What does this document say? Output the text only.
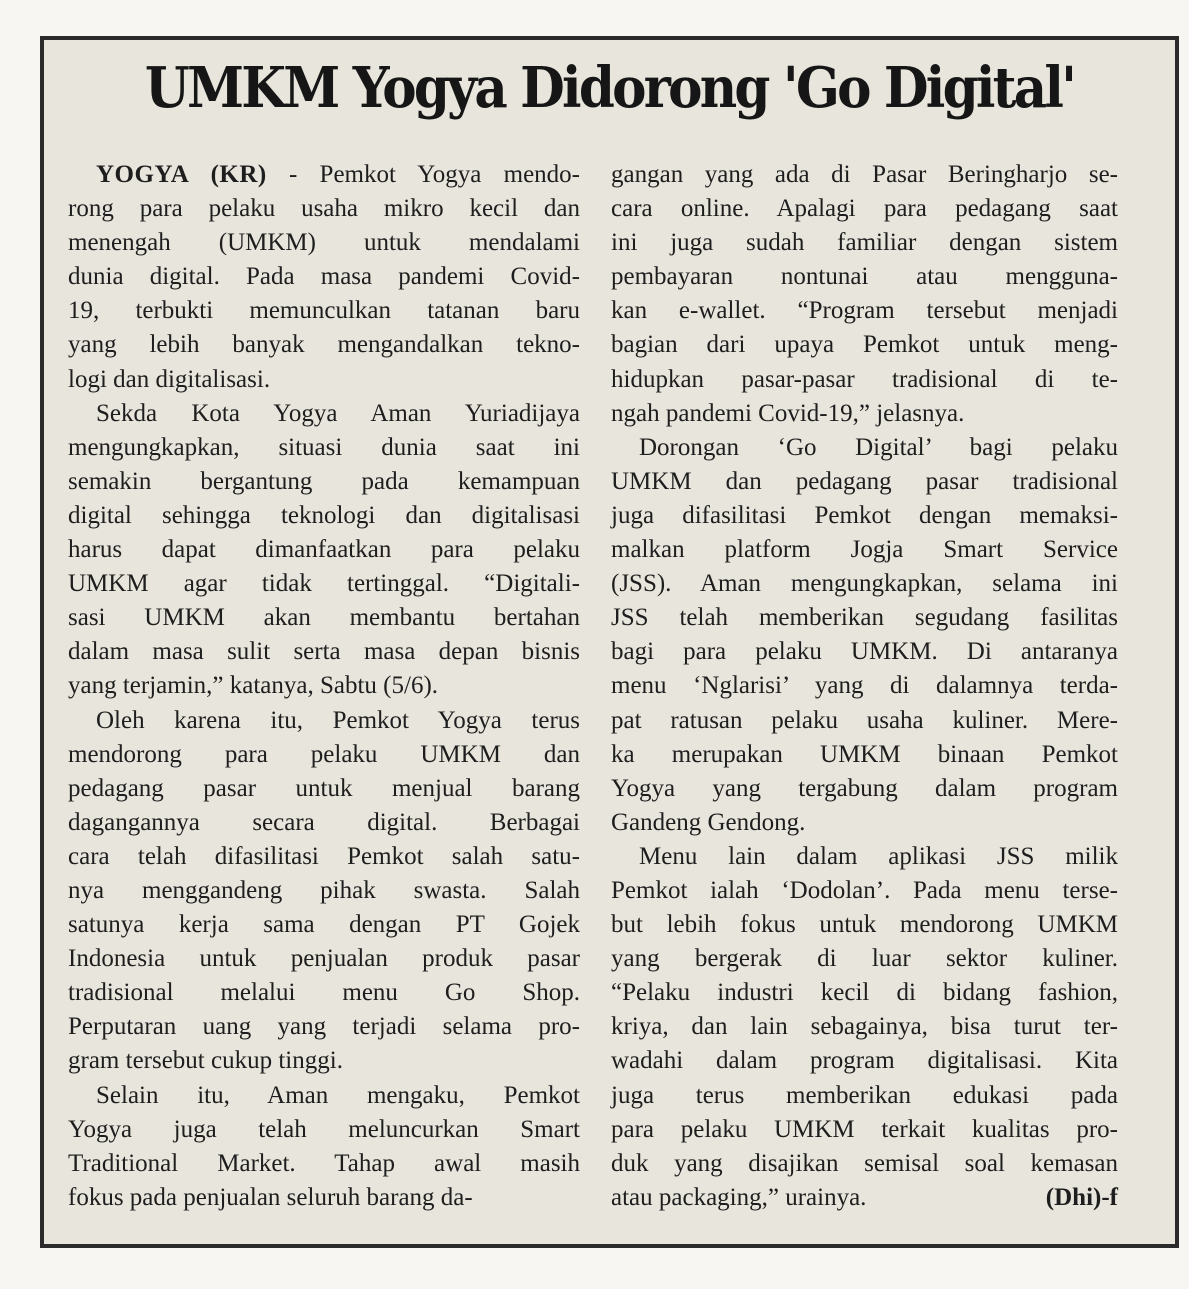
UMKM Yogya Didorong 'Go Digital'

YOGYA (KR) - Pemkot Yogya mendo-
rong para pelaku usaha mikro kecil dan
menengah (UMKM) untuk mendalami
dunia digital. Pada masa pandemi Covid-
19, terbukti memunculkan tatanan baru
yang lebih banyak mengandalkan tekno-
logi dan digitalisasi.

Sekda Kota Yogya Aman Yuriadijaya
mengungkapkan, situasi dunia saat ini
semakin bergantung pada kemampuan
digital sehingga teknologi dan digitalisasi
harus dapat dimanfaatkan para pelaku
UMKM agar tidak tertinggal. “Digitali-
sasi UMKM akan membantu bertahan
dalam masa sulit serta masa depan bisnis
yang terjamin,” katanya, Sabtu (5/6).

Oleh karena itu, Pemkot Yogya terus
mendorong para pelaku UMKM dan
pedagang pasar untuk menjual barang
dagangannya secara digital. Berbagai
cara telah difasilitasi Pemkot salah satu-
nya menggandeng pihak swasta. Salah
satunya kerja sama dengan PT Gojek
Indonesia untuk penjualan produk pasar
tradisional melalui menu Go Shop.
Perputaran uang yang terjadi selama pro-
gram tersebut cukup tinggi.

Selain itu, Aman mengaku, Pemkot
Yogya juga telah meluncurkan Smart
Traditional Market. Tahap awal masih
fokus pada penjualan seluruh barang da-

gangan yang ada di Pasar Beringharjo se-
cara online. Apalagi para pedagang saat
ini juga sudah familiar dengan sistem
pembayaran nontunai atau mengguna-
kan e-wallet. “Program tersebut menjadi
bagian dari upaya Pemkot untuk meng-
hidupkan pasar-pasar tradisional di te-
ngah pandemi Covid-19,” jelasnya.

Dorongan ‘Go Digital’ bagi pelaku
UMKM dan pedagang pasar tradisional
juga difasilitasi Pemkot dengan memaksi-
malkan platform Jogja Smart Service
(JSS). Aman mengungkapkan, selama ini
JSS telah memberikan segudang fasilitas
bagi para pelaku UMKM. Di antaranya
menu ‘Nglarisi’ yang di dalamnya terda-
pat ratusan pelaku usaha kuliner. Mere-
ka merupakan UMKM binaan Pemkot
Yogya yang tergabung dalam program
Gandeng Gendong.

Menu lain dalam aplikasi JSS milik
Pemkot ialah ‘Dodolan’. Pada menu terse-
but lebih fokus untuk mendorong UMKM
yang bergerak di luar sektor kuliner.
“Pelaku industri kecil di bidang fashion,
kriya, dan lain sebagainya, bisa turut ter-
wadahi dalam program digitalisasi. Kita
juga terus memberikan edukasi pada
para pelaku UMKM terkait kualitas pro-
duk yang disajikan semisal soal kemasan
atau packaging,” urainya.	(Dhi)-f
